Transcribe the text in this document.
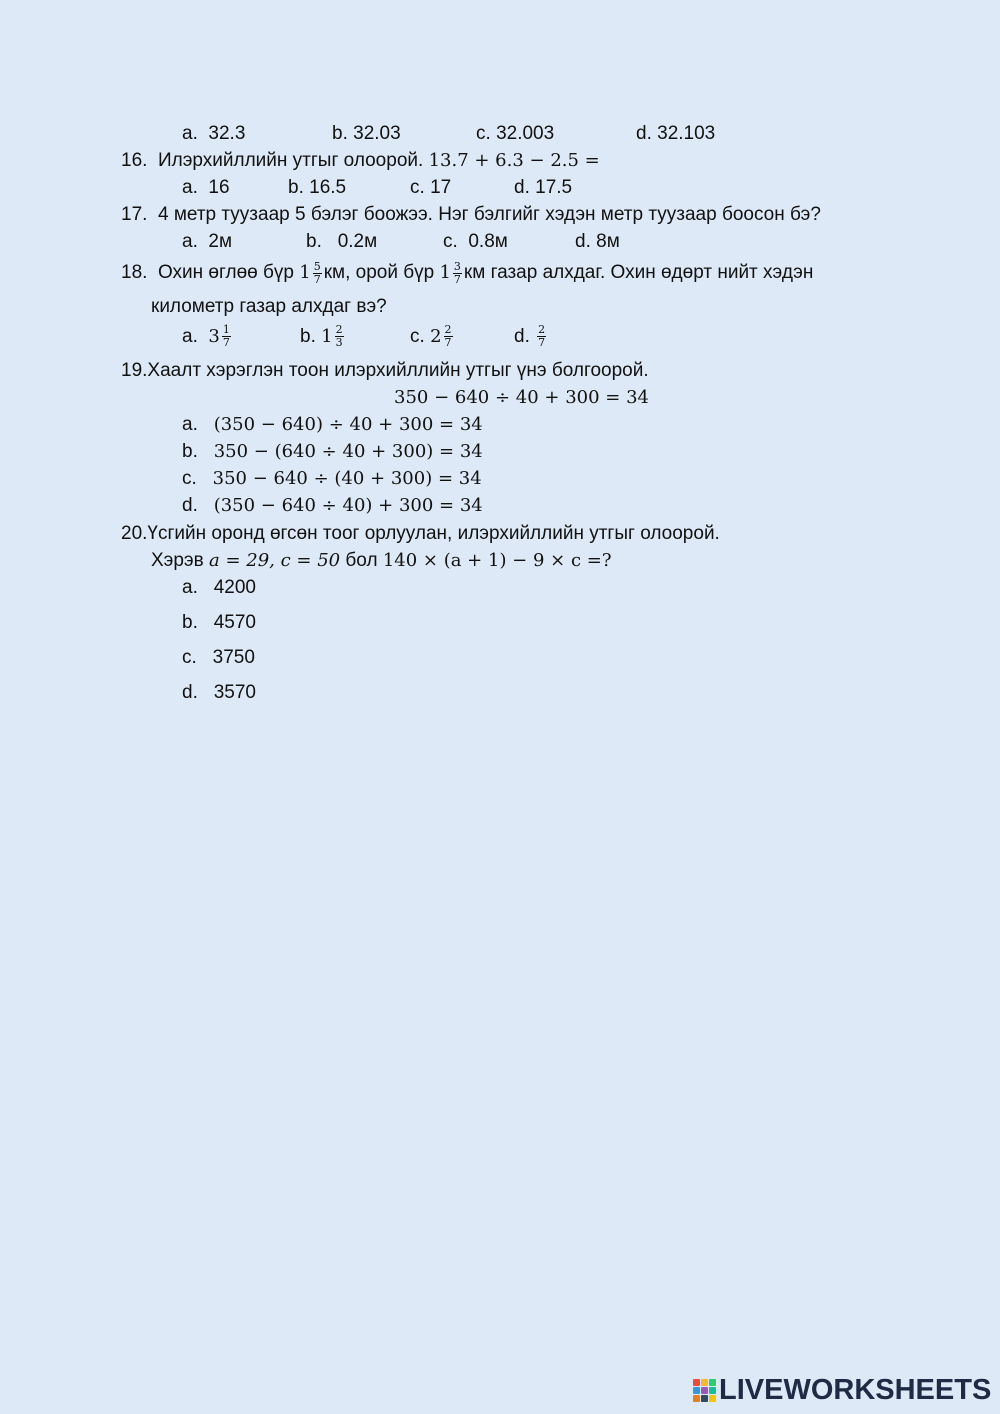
a. 32.3	b. 32.03	c. 32.003	d. 32.103
16. Илэрхийллийн утгыг олоорой. 13.7 + 6.3 − 2.5 =
a. 16	b. 16.5	c. 17	d. 17.5
17. 4 метр туузаар 5 бэлэг боожээ. Нэг бэлгийг хэдэн метр туузаар боосон бэ?
a. 2м	b. 0.2м	c. 0.8м	d. 8м
18. Охин өглөө бүр $1 \frac{5}{7}$ км, орой бүр $1 \frac{3}{7}$ км газар алхдаг. Охин өдөрт нийт хэдэн
километр газар алхдаг вэ?
a. $3 \frac{1}{7}$	b. $1 \frac{2}{3}$	c. $2 \frac{2}{7}$	d. $\frac{2}{7}$
19.Хаалт хэрэглэн тоон илэрхийллийн утгыг үнэ болгоорой.
350 − 640 ÷ 40 + 300 = 34
a. (350 − 640) ÷ 40 + 300 = 34
b. 350 − (640 ÷ 40 + 300) = 34
c. 350 − 640 ÷ (40 + 300) = 34
d. (350 − 640 ÷ 40) + 300 = 34
20.Үсгийн оронд өгсөн тоог орлуулан, илэрхийллийн утгыг олоорой.
Хэрэв a = 29, c = 50 бол 140 × (a + 1) − 9 × c =?
a. 4200
b. 4570
c. 3750
d. 3570
LIVEWORKSHEETS
